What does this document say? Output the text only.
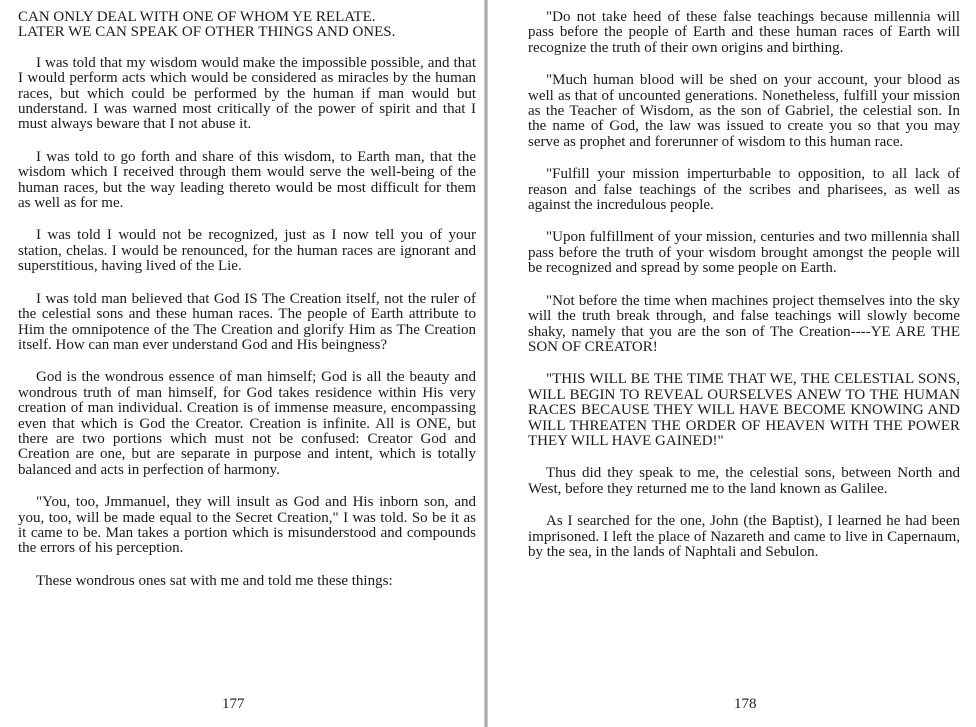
CAN ONLY DEAL WITH ONE OF WHOM YE RELATE.
LATER WE CAN SPEAK OF OTHER THINGS AND ONES.

I was told that my wisdom would make the impossible possible, and that I would perform acts which would be considered as miracles by the human races, but which could be performed by the human if man would but understand. I was warned most critically of the power of spirit and that I must always beware that I not abuse it.

I was told to go forth and share of this wisdom, to Earth man, that the wisdom which I received through them would serve the well-being of the human races, but the way leading thereto would be most difficult for them as well as for me.

I was told I would not be recognized, just as I now tell you of your station, chelas. I would be renounced, for the human races are ignorant and superstitious, having lived of the Lie.

I was told man believed that God IS The Creation itself, not the ruler of the celestial sons and these human races. The people of Earth attribute to Him the omnipotence of the The Creation and glorify Him as The Creation itself. How can man ever understand God and His beingness?

God is the wondrous essence of man himself; God is all the beauty and wondrous truth of man himself, for God takes residence within His very creation of man individual. Creation is of immense measure, encompassing even that which is God the Creator. Creation is infinite. All is ONE, but there are two portions which must not be confused: Creator God and Creation are one, but are separate in purpose and intent, which is totally balanced and acts in perfection of harmony.

"You, too, Jmmanuel, they will insult as God and His inborn son, and you, too, will be made equal to the Secret Creation," I was told. So be it as it came to be. Man takes a portion which is misunderstood and compounds the errors of his perception.

These wondrous ones sat with me and told me these things:

177

"Do not take heed of these false teachings because millennia will pass before the people of Earth and these human races of Earth will recognize the truth of their own origins and birthing.

"Much human blood will be shed on your account, your blood as well as that of uncounted generations. Nonetheless, fulfill your mission as the Teacher of Wisdom, as the son of Gabriel, the celestial son. In the name of God, the law was issued to create you so that you may serve as prophet and forerunner of wisdom to this human race.

"Fulfill your mission imperturbable to opposition, to all lack of reason and false teachings of the scribes and pharisees, as well as against the incredulous people.

"Upon fulfillment of your mission, centuries and two millennia shall pass before the truth of your wisdom brought amongst the people will be recognized and spread by some people on Earth.

"Not before the time when machines project themselves into the sky will the truth break through, and false teachings will slowly become shaky, namely that you are the son of The Creation----YE ARE THE SON OF CREATOR!

"THIS WILL BE THE TIME THAT WE, THE CELESTIAL SONS, WILL BEGIN TO REVEAL OURSELVES ANEW TO THE HUMAN RACES BECAUSE THEY WILL HAVE BECOME KNOWING AND WILL THREATEN THE ORDER OF HEAVEN WITH THE POWER THEY WILL HAVE GAINED!"

Thus did they speak to me, the celestial sons, between North and West, before they returned me to the land known as Galilee.

As I searched for the one, John (the Baptist), I learned he had been imprisoned. I left the place of Nazareth and came to live in Capernaum, by the sea, in the lands of Naphtali and Sebulon.

178
